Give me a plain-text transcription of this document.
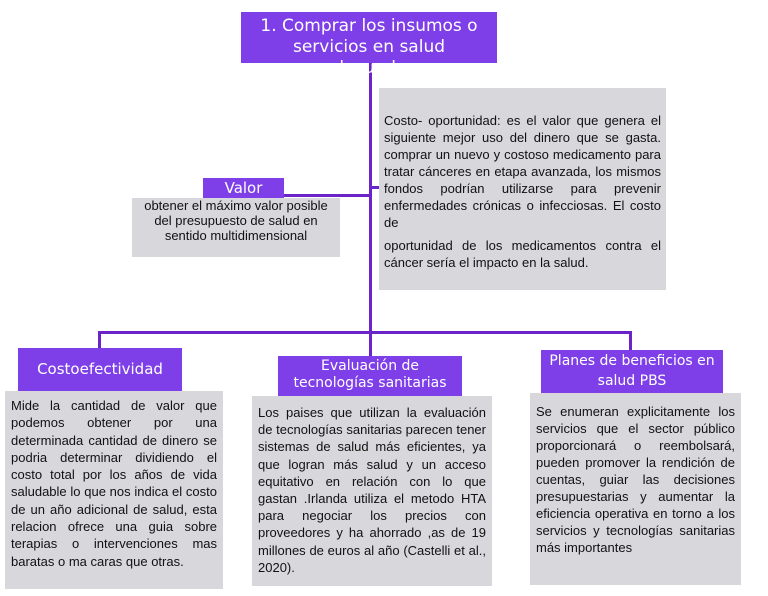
1. Comprar los insumos o servicios en salud adecuados
obtener el máximo valor posible del presupuesto de salud en sentido multidimensional
Valor
Costo- oportunidad: es el valor que genera el siguiente mejor uso del dinero que se gasta. comprar un nuevo y costoso medicamento para tratar cánceres en etapa avanzada, los mismos fondos podrían utilizarse para prevenir enfermedades crónicas o infecciosas. El costo de
oportunidad de los medicamentos contra el cáncer sería el impacto en la salud.
Costoefectividad
Mide la cantidad de valor que podemos obtener por una determinada cantidad de dinero se podria determinar dividiendo el costo total por los años de vida saludable lo que nos indica el costo de un año adicional de salud, esta relacion ofrece una guia sobre terapias o intervenciones mas baratas o ma caras que otras.
Evaluación de tecnologías sanitarias
Los paises que utilizan la evaluación de tecnologías sanitarias parecen tener sistemas de salud más eficientes, ya que logran más salud y un acceso equitativo en relación con lo que gastan .Irlanda utiliza el metodo HTA para negociar los precios con proveedores y ha ahorrado ,as de 19 millones de euros al año (Castelli et al., 2020).
Planes de beneficios en salud PBS
Se enumeran explicitamente los servicios que el sector público proporcionará o reembolsará, pueden promover la rendición de cuentas, guiar las decisiones presupuestarias y aumentar la eficiencia operativa en torno a los servicios y tecnologías sanitarias más importantes
